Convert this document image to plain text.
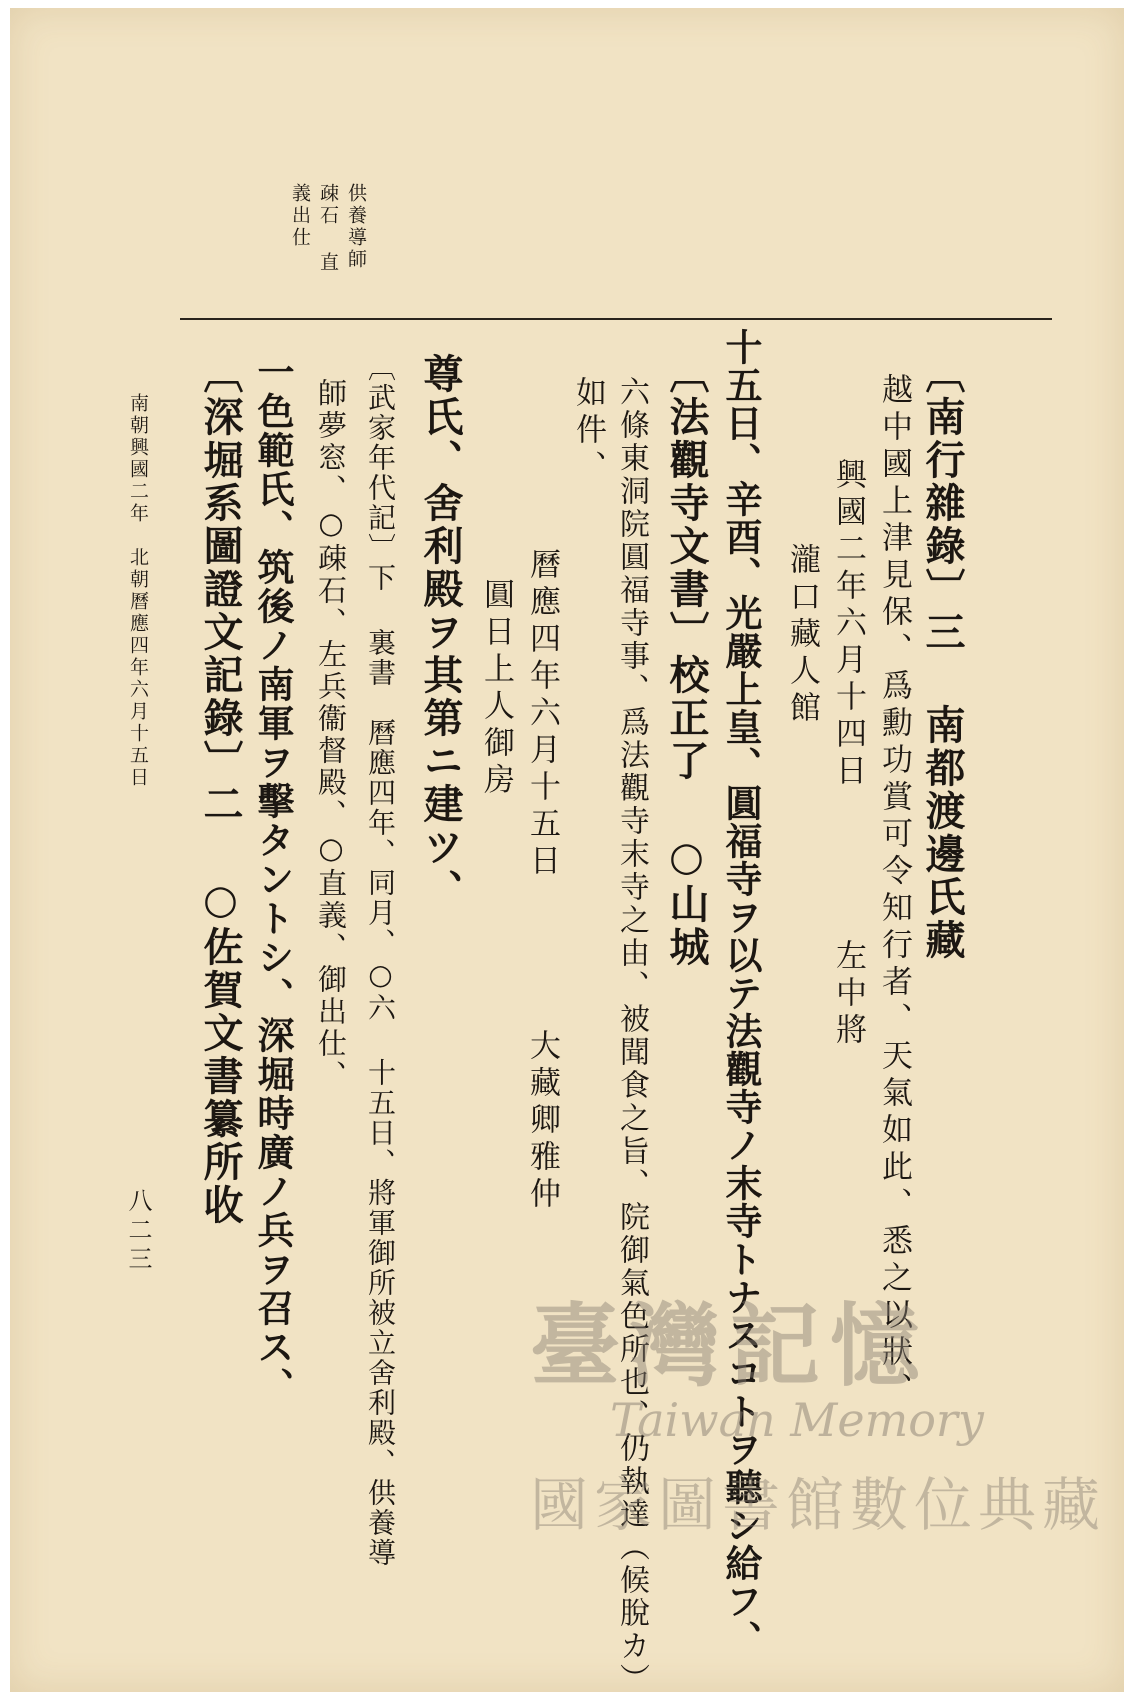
供養導師 疎石 直義出仕
〔南行雜錄〕三 南都渡邊氏藏
越中國上津見保、爲勳功賞可令知行者、天氣如此、悉之以狀、
興國二年六月十四日　　　　左中將
瀧口藏人館
十五日、辛酉、光嚴上皇、圓福寺ヲ以テ法觀寺ノ末寺トナスコトヲ聽シ給フ、
〔法觀寺文書〕校正了 ○山城
六條東洞院圓福寺事、爲法觀寺末寺之由、被聞食之旨、院御氣色所也、仍執達（候脫カ）
如件、
曆應四年六月十五日　　　　大藏卿雅仲
圓日上人御房
尊氏、舍利殿ヲ其第ニ建ツ、
〔武家年代記〕下 裏書　曆應四年、同月、○六 十五日、將軍御所被立舍利殿、供養導
師夢窓、○疎石、左兵衞督殿、○直義、御出仕、
一色範氏、筑後ノ南軍ヲ擊タントシ、深堀時廣ノ兵ヲ召ス、
〔深堀系圖證文記錄〕二 ○佐賀文書纂所收
南朝興國二年　北朝曆應四年六月十五日
八二三
臺灣記憶
Taiwan Memory
國家圖書館數位典藏
